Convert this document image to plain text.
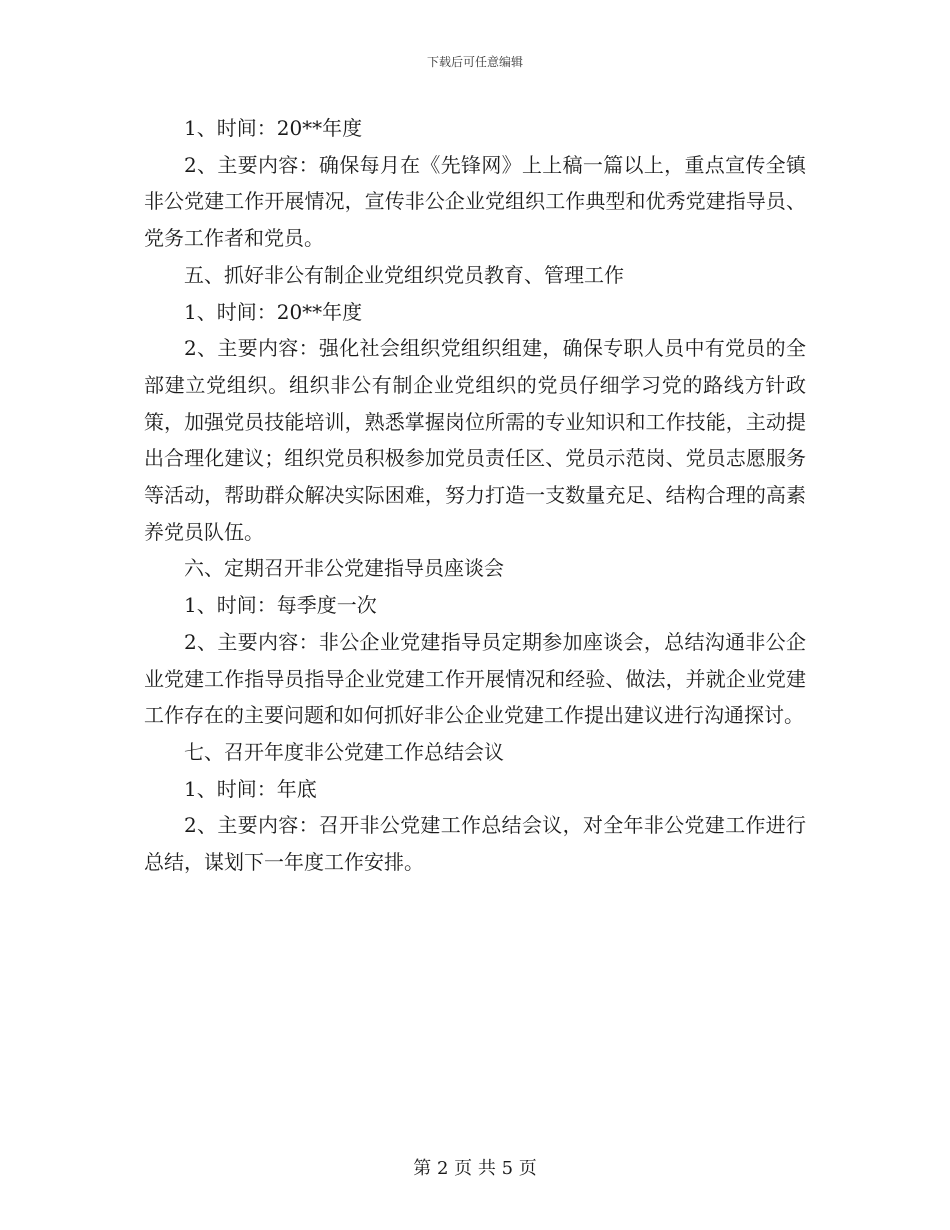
下载后可任意编辑

1、时间：20**年度

2、主要内容：确保每月在《先锋网》上上稿一篇以上，重点宣传全镇非公党建工作开展情况，宣传非公企业党组织工作典型和优秀党建指导员、党务工作者和党员。

五、抓好非公有制企业党组织党员教育、管理工作

1、时间：20**年度

2、主要内容：强化社会组织党组织组建，确保专职人员中有党员的全部建立党组织。组织非公有制企业党组织的党员仔细学习党的路线方针政策，加强党员技能培训，熟悉掌握岗位所需的专业知识和工作技能，主动提出合理化建议；组织党员积极参加党员责任区、党员示范岗、党员志愿服务等活动，帮助群众解决实际困难，努力打造一支数量充足、结构合理的高素养党员队伍。

六、定期召开非公党建指导员座谈会

1、时间：每季度一次

2、主要内容：非公企业党建指导员定期参加座谈会，总结沟通非公企业党建工作指导员指导企业党建工作开展情况和经验、做法，并就企业党建工作存在的主要问题和如何抓好非公企业党建工作提出建议进行沟通探讨。

七、召开年度非公党建工作总结会议

1、时间：年底

2、主要内容：召开非公党建工作总结会议，对全年非公党建工作进行总结，谋划下一年度工作安排。

第 2 页 共 5 页
